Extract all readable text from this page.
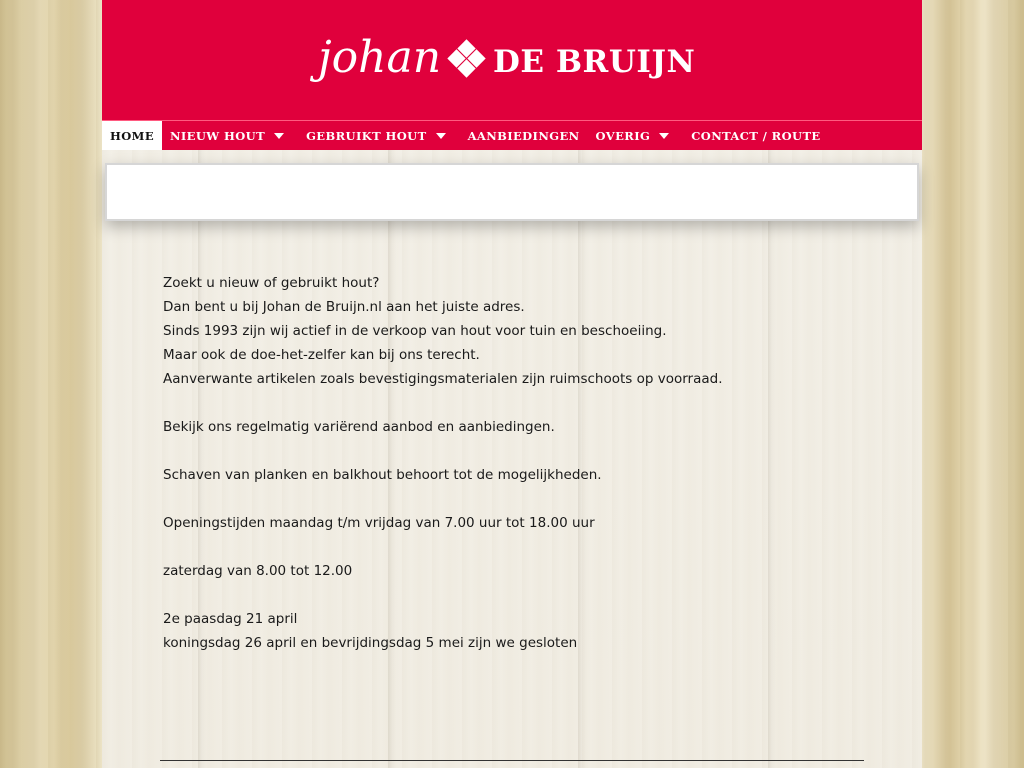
johan DE BRUIJN
HOME NIEUW HOUT	GEBRUIKT HOUT	AANBIEDINGEN OVERIG	CONTACT / ROUTE

Zoekt u nieuw of gebruikt hout?

Dan bent u bij Johan de Bruijn.nl aan het juiste adres.

Sinds 1993 zijn wij actief in de verkoop van hout voor tuin en beschoeiing.

Maar ook de doe-het-zelfer kan bij ons terecht.

Aanverwante artikelen zoals bevestigingsmaterialen zijn ruimschoots op voorraad.

Bekijk ons regelmatig variërend aanbod en aanbiedingen.

Schaven van planken en balkhout behoort tot de mogelijkheden.

Openingstijden maandag t/m vrijdag van 7.00 uur tot 18.00 uur

zaterdag van 8.00 tot 12.00

2e paasdag 21 april

koningsdag 26 april en bevrijdingsdag 5 mei zijn we gesloten
